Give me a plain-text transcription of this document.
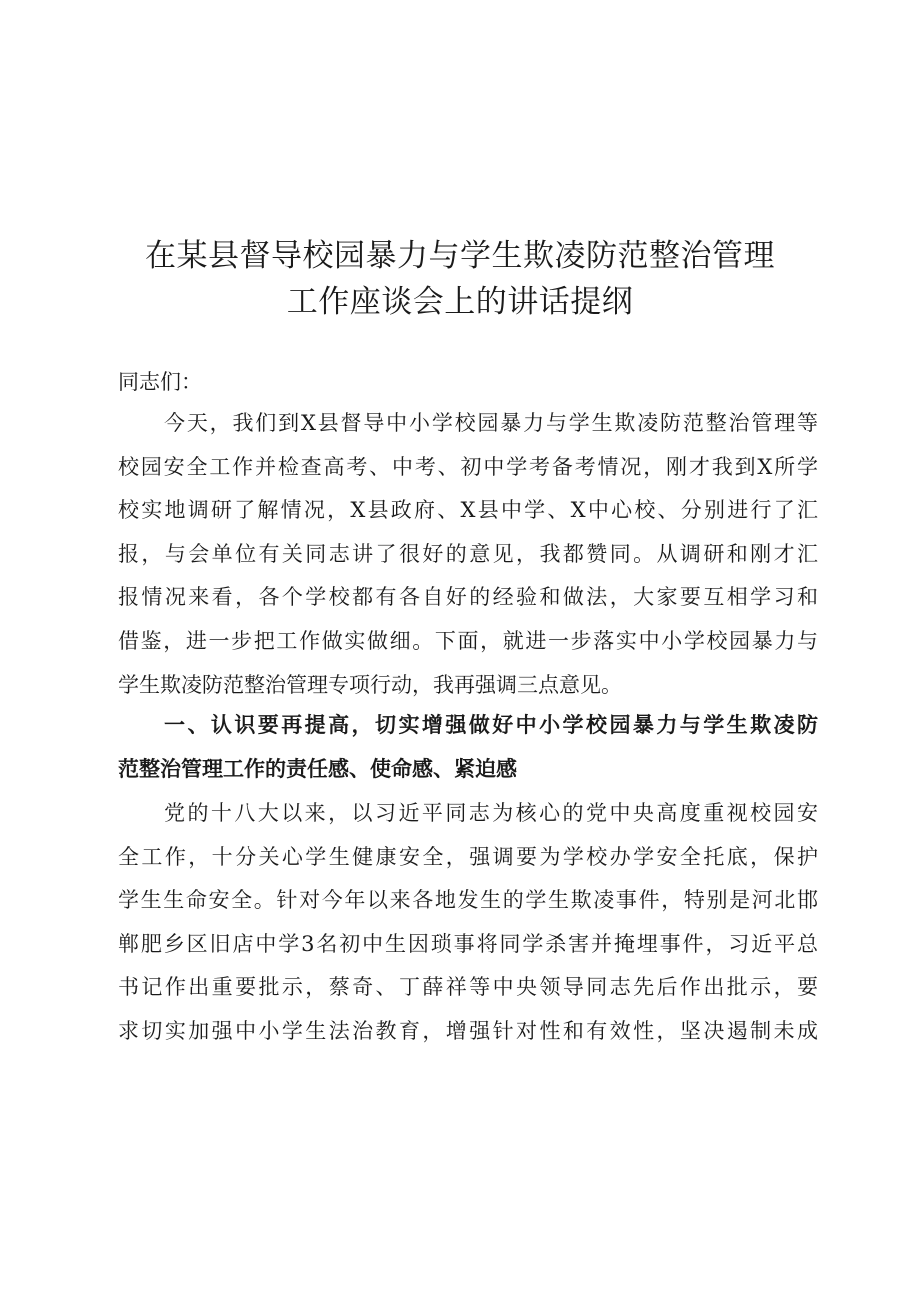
在某县督导校园暴力与学生欺凌防范整治管理
工作座谈会上的讲话提纲

同志们：

今天，我们到X县督导中小学校园暴力与学生欺凌防范整治管理等
校园安全工作并检查高考、中考、初中学考备考情况，刚才我到X所学
校实地调研了解情况，X县政府、X县中学、X中心校、分别进行了汇
报，与会单位有关同志讲了很好的意见，我都赞同。从调研和刚才汇
报情况来看，各个学校都有各自好的经验和做法，大家要互相学习和
借鉴，进一步把工作做实做细。下面，就进一步落实中小学校园暴力与
学生欺凌防范整治管理专项行动，我再强调三点意见。
一、认识要再提高，切实增强做好中小学校园暴力与学生欺凌防
范整治管理工作的责任感、使命感、紧迫感
党的十八大以来，以习近平同志为核心的党中央高度重视校园安
全工作，十分关心学生健康安全，强调要为学校办学安全托底，保护
学生生命安全。针对今年以来各地发生的学生欺凌事件，特别是河北邯
郸肥乡区旧店中学3名初中生因琐事将同学杀害并掩埋事件，习近平总
书记作出重要批示，蔡奇、丁薛祥等中央领导同志先后作出批示，要
求切实加强中小学生法治教育，增强针对性和有效性，坚决遏制未成
